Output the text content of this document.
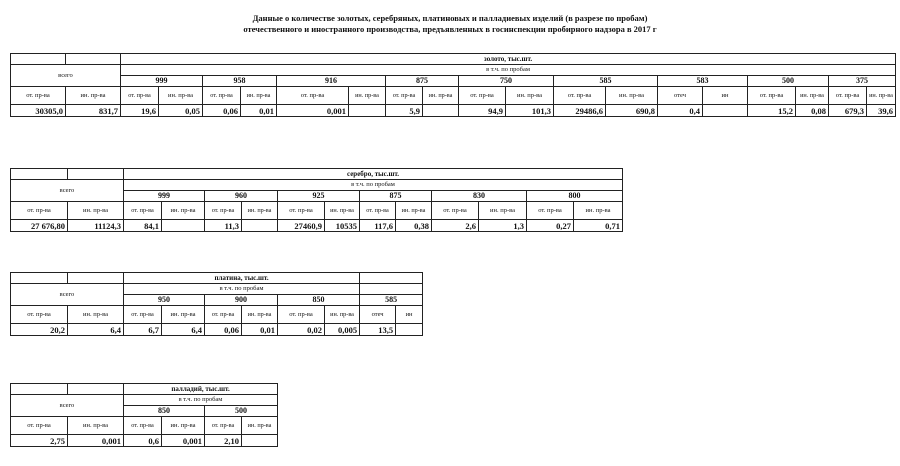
Данные о количестве золотых, серебряных, платиновых и палладиевых изделий (в разрезе по пробам)
отечественного и иностранного производства, предъявленных в госинспекции пробирного надзора в 2017 г
		золото, тыс.шт.																	
всего		в т.ч. по пробам																	
		999		958		916		875		750		585		583		500		375	
от. пр-ва	ин. пр-ва	от. пр-ва	ин. пр-ва	от. пр-ва	ин. пр-ва	от. пр-ва	ин. пр-ва	от. пр-ва	ин. пр-ва	от. пр-ва	ин. пр-ва	от. пр-ва	ин. пр-ва	отеч	ин	от. пр-ва	ин. пр-ва	от. пр-ва	ин. пр-ва
30305,0	831,7	19,6	0,05	0,06	0,01	0,001		5,9		94,9	101,3	29486,6	690,8	0,4		15,2	0,08	679,3	39,6
		серебро, тыс.шт.											
всего		в т.ч. по пробам											
		999		960		925		875		830		800	
от. пр-ва	ин. пр-ва	от. пр-ва	ин. пр-ва	от. пр-ва	ин. пр-ва	от. пр-ва	ин. пр-ва	от. пр-ва	ин. пр-ва	от. пр-ва	ин. пр-ва	от. пр-ва	ин. пр-ва
27 676,80	11124,3	84,1		11,3		27460,9	10535	117,6	0,38	2,6	1,3	0,27	0,71
		платина, тыс.шт.							
всего		в т.ч. по пробам							
		950		900		850		585	
от. пр-ва	ин. пр-ва	от. пр-ва	ин. пр-ва	от. пр-ва	ин. пр-ва	от. пр-ва	ин. пр-ва	отеч	ин
20,2	6,4	6,7	6,4	0,06	0,01	0,02	0,005	13,5	
		палладий, тыс.шт.			
всего		в т.ч. по пробам			
		850		500	
от. пр-ва	ин. пр-ва	от. пр-ва	ин. пр-ва	от. пр-ва	ин. пр-ва
2,75	0,001	0,6	0,001	2,10	
